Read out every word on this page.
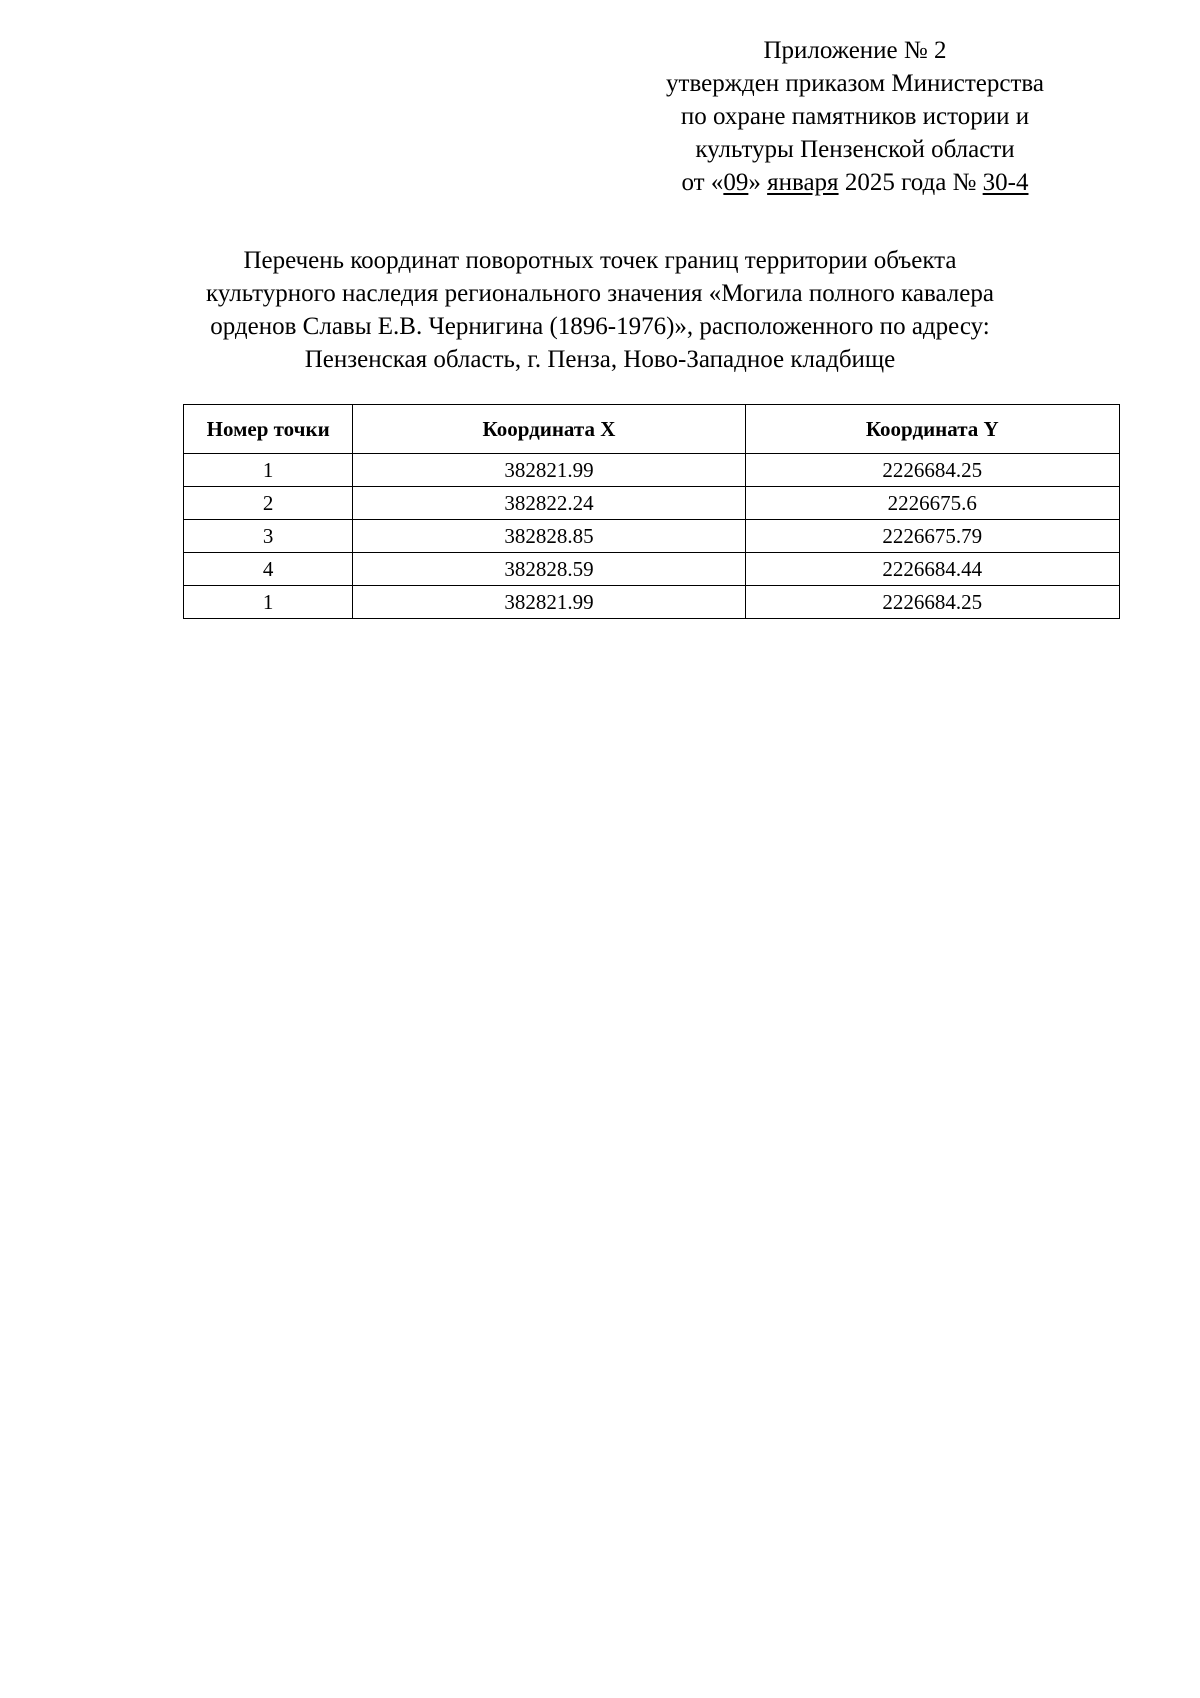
Приложение № 2
утвержден приказом Министерства
по охране памятников истории и
культуры Пензенской области
от «09» января 2025 года № 30-4
Перечень координат поворотных точек границ территории объекта
культурного наследия регионального значения «Могила полного кавалера
орденов Славы Е.В. Чернигина (1896-1976)», расположенного по адресу:
Пензенская область, г. Пенза, Ново-Западное кладбище
Номер точки	Координата X	Координата Y
1	382821.99	2226684.25
2	382822.24	2226675.6
3	382828.85	2226675.79
4	382828.59	2226684.44
1	382821.99	2226684.25
